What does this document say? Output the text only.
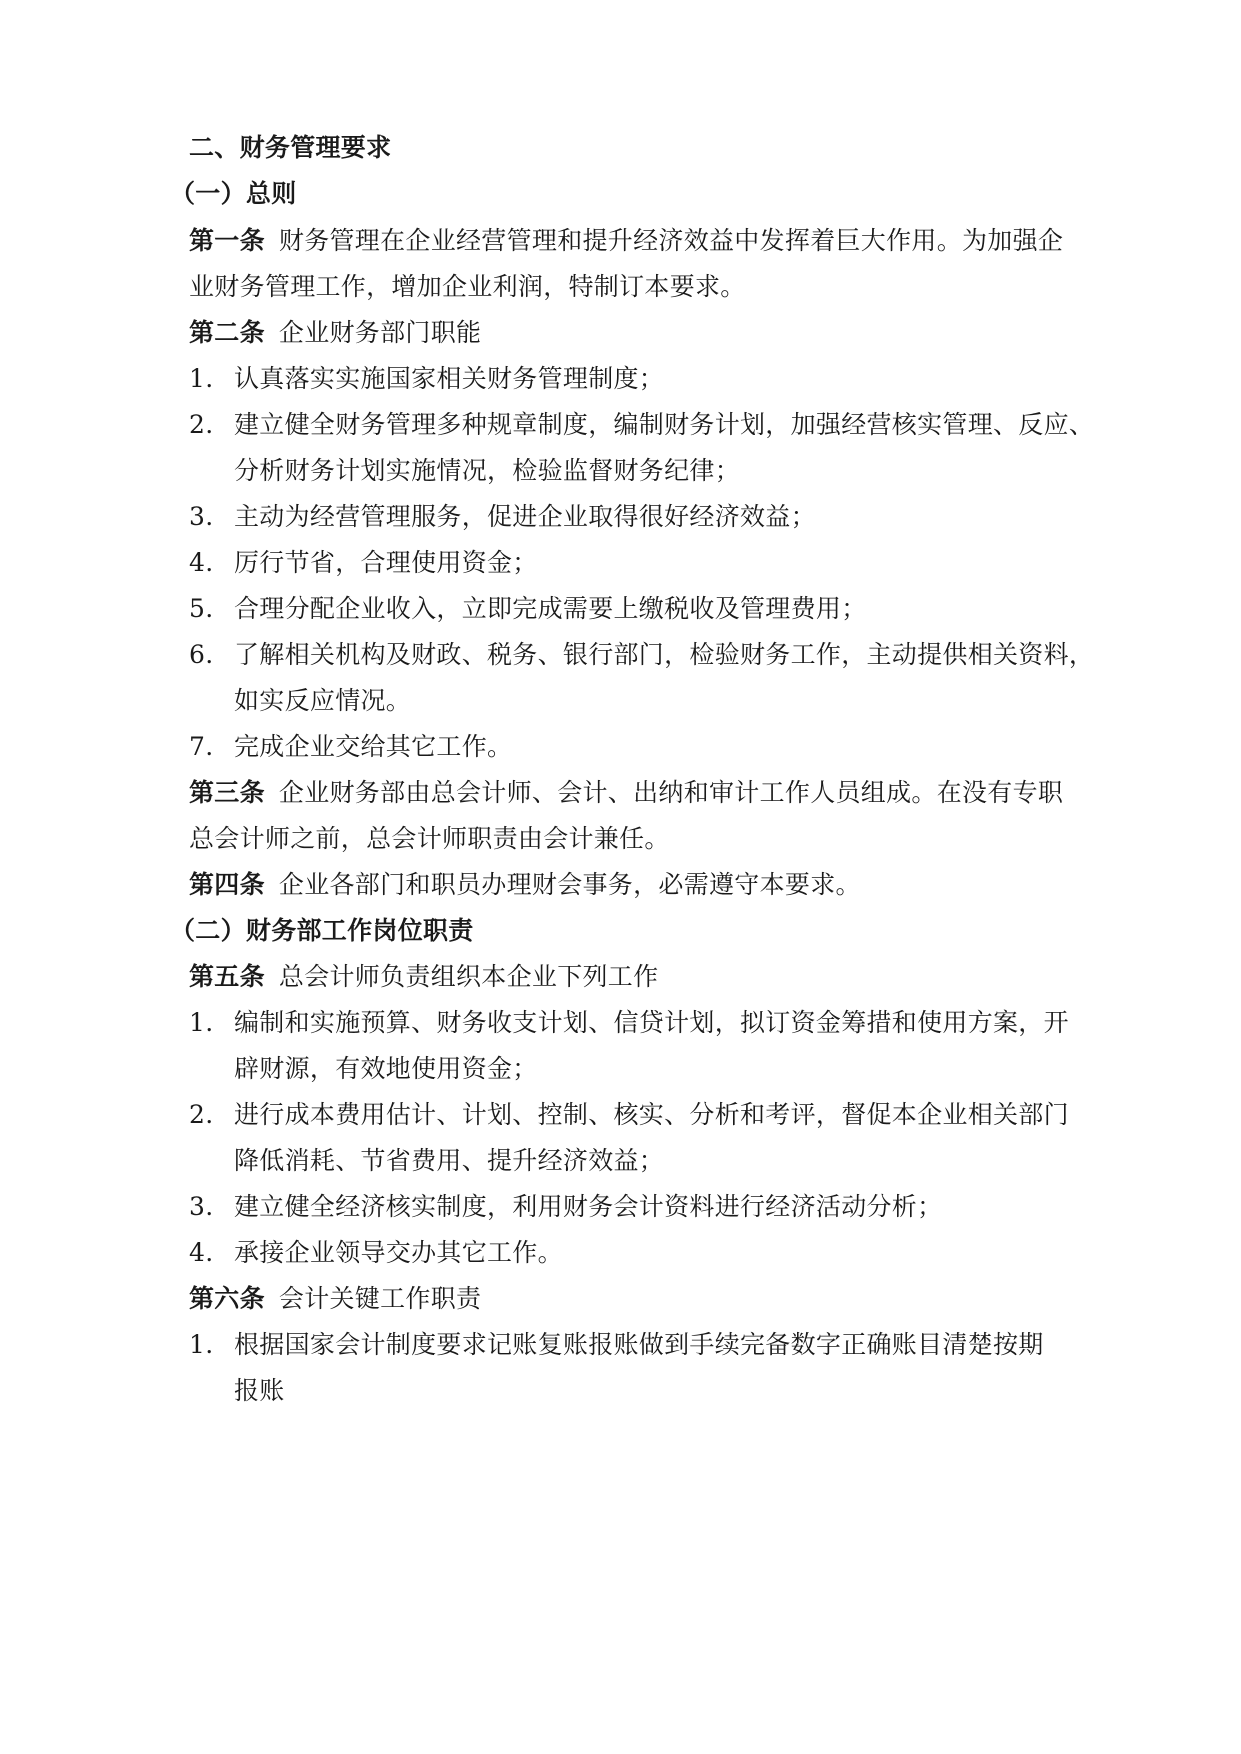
二、财务管理要求
（一）总则
第一条 财务管理在企业经营管理和提升经济效益中发挥着巨大作用。为加强企
业财务管理工作，增加企业利润，特制订本要求。
第二条 企业财务部门职能
1. 认真落实实施国家相关财务管理制度；
2. 建立健全财务管理多种规章制度，编制财务计划，加强经营核实管理、反应、
分析财务计划实施情况，检验监督财务纪律；
3. 主动为经营管理服务，促进企业取得很好经济效益；
4. 厉行节省，合理使用资金；
5. 合理分配企业收入，立即完成需要上缴税收及管理费用；
6. 了解相关机构及财政、税务、银行部门，检验财务工作，主动提供相关资料，
如实反应情况。
7. 完成企业交给其它工作。
第三条 企业财务部由总会计师、会计、出纳和审计工作人员组成。在没有专职
总会计师之前，总会计师职责由会计兼任。
第四条 企业各部门和职员办理财会事务，必需遵守本要求。
（二）财务部工作岗位职责
第五条 总会计师负责组织本企业下列工作
1. 编制和实施预算、财务收支计划、信贷计划，拟订资金筹措和使用方案，开
辟财源，有效地使用资金；
2. 进行成本费用估计、计划、控制、核实、分析和考评，督促本企业相关部门
降低消耗、节省费用、提升经济效益；
3. 建立健全经济核实制度，利用财务会计资料进行经济活动分析；
4. 承接企业领导交办其它工作。
第六条 会计关键工作职责
1. 根据国家会计制度要求记账复账报账做到手续完备数字正确账目清楚按期
报账
